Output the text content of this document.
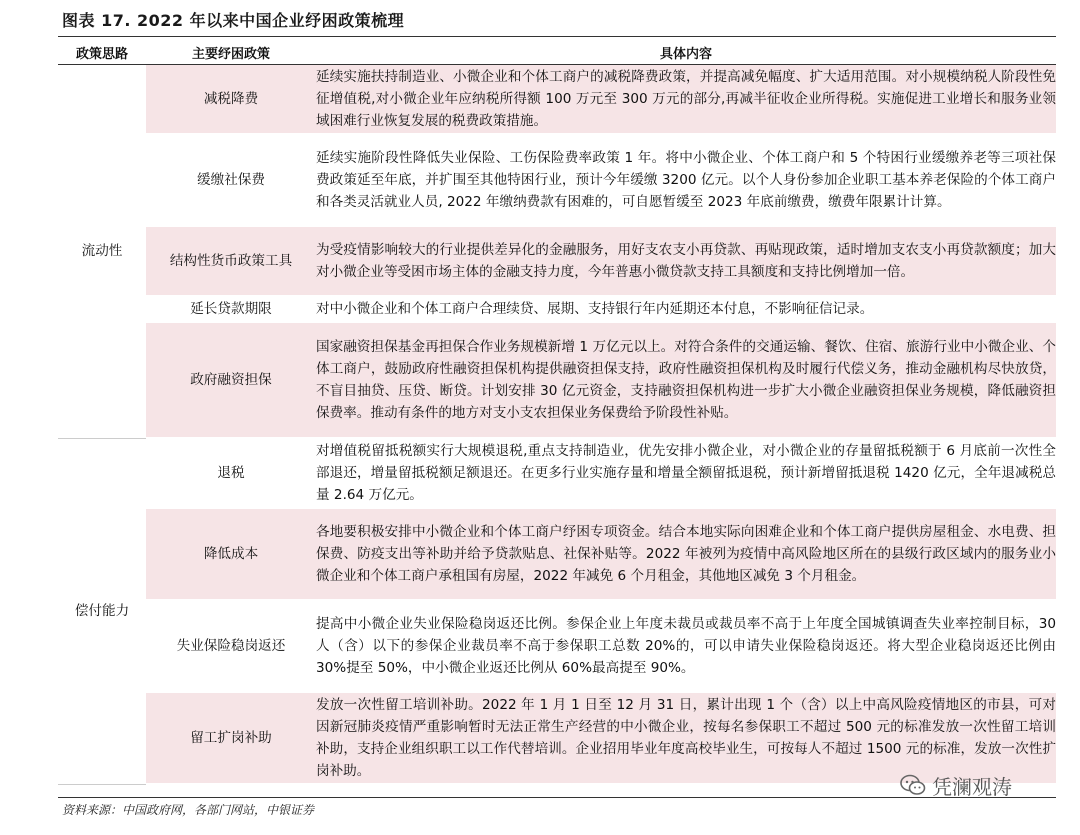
图表 17. 2022 年以来中国企业纾困政策梳理
政策思路	主要纾困政策	具体内容
流动性	减税降费	延续实施扶持制造业、小微企业和个体工商户的减税降费政策，并提高减免幅度、扩大适用范围。对小规模纳税人阶段性免征增值税,对小微企业年应纳税所得额 100 万元至 300 万元的部分,再减半征收企业所得税。实施促进工业增长和服务业领域困难行业恢复发展的税费政策措施。
	缓缴社保费	延续实施阶段性降低失业保险、工伤保险费率政策 1 年。将中小微企业、个体工商户和 5 个特困行业缓缴养老等三项社保费政策延至年底，并扩围至其他特困行业，预计今年缓缴 3200 亿元。以个人身份参加企业职工基本养老保险的个体工商户和各类灵活就业人员, 2022 年缴纳费款有困难的，可自愿暂缓至 2023 年底前缴费，缴费年限累计计算。
	结构性货币政策工具	为受疫情影响较大的行业提供差异化的金融服务，用好支农支小再贷款、再贴现政策，适时增加支农支小再贷款额度；加大对小微企业等受困市场主体的金融支持力度，今年普惠小微贷款支持工具额度和支持比例增加一倍。
	延长贷款期限	对中小微企业和个体工商户合理续贷、展期、支持银行年内延期还本付息，不影响征信记录。
	政府融资担保	国家融资担保基金再担保合作业务规模新增 1 万亿元以上。对符合条件的交通运输、餐饮、住宿、旅游行业中小微企业、个体工商户，鼓励政府性融资担保机构提供融资担保支持，政府性融资担保机构及时履行代偿义务，推动金融机构尽快放贷，不盲目抽贷、压贷、断贷。计划安排 30 亿元资金，支持融资担保机构进一步扩大小微企业融资担保业务规模，降低融资担保费率。推动有条件的地方对支小支农担保业务保费给予阶段性补贴。
偿付能力	退税	对增值税留抵税额实行大规模退税,重点支持制造业，优先安排小微企业，对小微企业的存量留抵税额于 6 月底前一次性全部退还，增量留抵税额足额退还。在更多行业实施存量和增量全额留抵退税，预计新增留抵退税 1420 亿元，全年退减税总量 2.64 万亿元。
	降低成本	各地要积极安排中小微企业和个体工商户纾困专项资金。结合本地实际向困难企业和个体工商户提供房屋租金、水电费、担保费、防疫支出等补助并给予贷款贴息、社保补贴等。2022 年被列为疫情中高风险地区所在的县级行政区域内的服务业小微企业和个体工商户承租国有房屋，2022 年减免 6 个月租金，其他地区减免 3 个月租金。
	失业保险稳岗返还	提高中小微企业失业保险稳岗返还比例。参保企业上年度未裁员或裁员率不高于上年度全国城镇调查失业率控制目标，30 人（含）以下的参保企业裁员率不高于参保职工总数 20%的，可以申请失业保险稳岗返还。将大型企业稳岗返还比例由 30%提至 50%，中小微企业返还比例从 60%最高提至 90%。
	留工扩岗补助	发放一次性留工培训补助。2022 年 1 月 1 日至 12 月 31 日，累计出现 1 个（含）以上中高风险疫情地区的市县，可对因新冠肺炎疫情严重影响暂时无法正常生产经营的中小微企业，按每名参保职工不超过 500 元的标准发放一次性留工培训补助，支持企业组织职工以工作代替培训。企业招用毕业年度高校毕业生，可按每人不超过 1500 元的标准，发放一次性扩岗补助。
资料来源：中国政府网，各部门网站，中银证券
凭澜观涛
